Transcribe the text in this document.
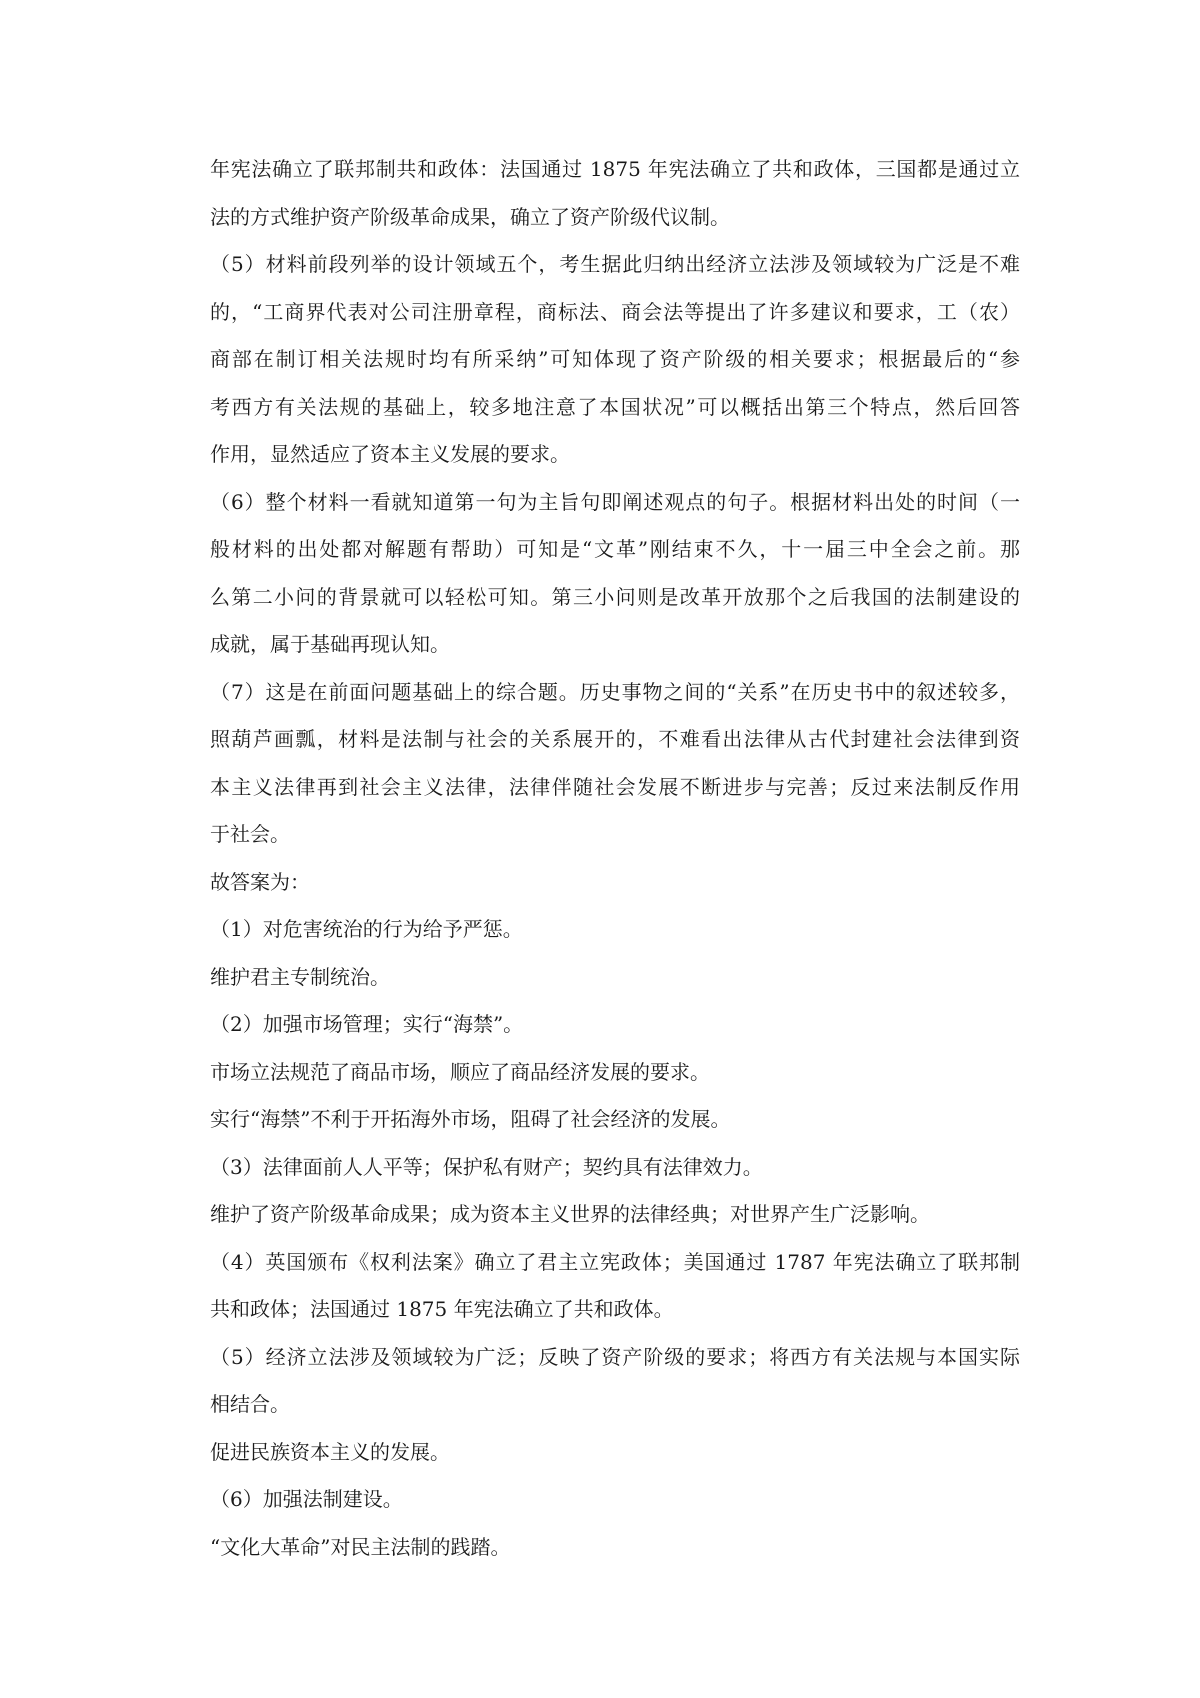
年宪法确立了联邦制共和政体：法国通过 1875 年宪法确立了共和政体，三国都是通过立
法的方式维护资产阶级革命成果，确立了资产阶级代议制。
（5）材料前段列举的设计领域五个，考生据此归纳出经济立法涉及领域较为广泛是不难
的，“工商界代表对公司注册章程，商标法、商会法等提出了许多建议和要求，工（农）
商部在制订相关法规时均有所采纳”可知体现了资产阶级的相关要求；根据最后的“参
考西方有关法规的基础上，较多地注意了本国状况”可以概括出第三个特点，然后回答
作用，显然适应了资本主义发展的要求。
（6）整个材料一看就知道第一句为主旨句即阐述观点的句子。根据材料出处的时间（一
般材料的出处都对解题有帮助）可知是“文革”刚结束不久，十一届三中全会之前。那
么第二小问的背景就可以轻松可知。第三小问则是改革开放那个之后我国的法制建设的
成就，属于基础再现认知。
（7）这是在前面问题基础上的综合题。历史事物之间的“关系”在历史书中的叙述较多，
照葫芦画瓢，材料是法制与社会的关系展开的，不难看出法律从古代封建社会法律到资
本主义法律再到社会主义法律，法律伴随社会发展不断进步与完善；反过来法制反作用
于社会。
故答案为：
（1）对危害统治的行为给予严惩。
维护君主专制统治。
（2）加强市场管理；实行“海禁”。
市场立法规范了商品市场，顺应了商品经济发展的要求。
实行“海禁”不利于开拓海外市场，阻碍了社会经济的发展。
（3）法律面前人人平等；保护私有财产；契约具有法律效力。
维护了资产阶级革命成果；成为资本主义世界的法律经典；对世界产生广泛影响。
（4）英国颁布《权利法案》确立了君主立宪政体；美国通过 1787 年宪法确立了联邦制
共和政体；法国通过 1875 年宪法确立了共和政体。
（5）经济立法涉及领域较为广泛；反映了资产阶级的要求；将西方有关法规与本国实际
相结合。
促进民族资本主义的发展。
（6）加强法制建设。
“文化大革命”对民主法制的践踏。
